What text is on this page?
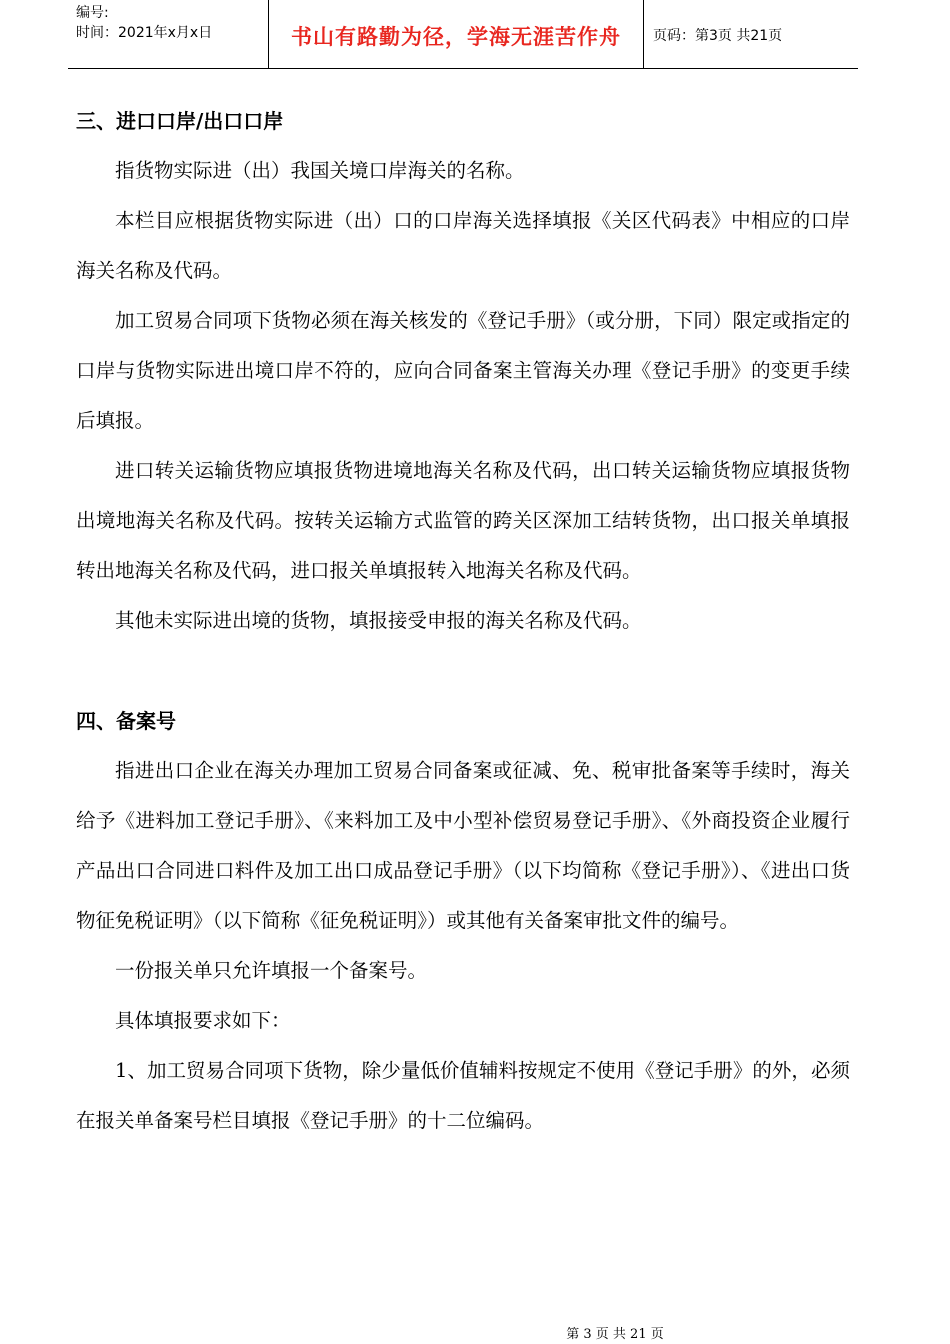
编号:
时间：2021年x月x日	书山有路勤为径，学海无涯苦作舟	页码：第3页 共21页
三、进口口岸/出口口岸

指货物实际进（出）我国关境口岸海关的名称。

本栏目应根据货物实际进（出）口的口岸海关选择填报《关区代码表》中相应的口岸海关名称及代码。

加工贸易合同项下货物必须在海关核发的《登记手册》（或分册，下同）限定或指定的口岸与货物实际进出境口岸不符的，应向合同备案主管海关办理《登记手册》的变更手续后填报。

进口转关运输货物应填报货物进境地海关名称及代码，出口转关运输货物应填报货物出境地海关名称及代码。按转关运输方式监管的跨关区深加工结转货物，出口报关单填报转出地海关名称及代码，进口报关单填报转入地海关名称及代码。

其他未实际进出境的货物，填报接受申报的海关名称及代码。

四、备案号

指进出口企业在海关办理加工贸易合同备案或征减、免、税审批备案等手续时，海关给予《进料加工登记手册》、《来料加工及中小型补偿贸易登记手册》、《外商投资企业履行产品出口合同进口料件及加工出口成品登记手册》（以下均简称《登记手册》）、《进出口货物征免税证明》（以下简称《征免税证明》）或其他有关备案审批文件的编号。

一份报关单只允许填报一个备案号。

具体填报要求如下：

1、加工贸易合同项下货物，除少量低价值辅料按规定不使用《登记手册》的外，必须在报关单备案号栏目填报《登记手册》的十二位编码。

第 3 页 共 21 页
